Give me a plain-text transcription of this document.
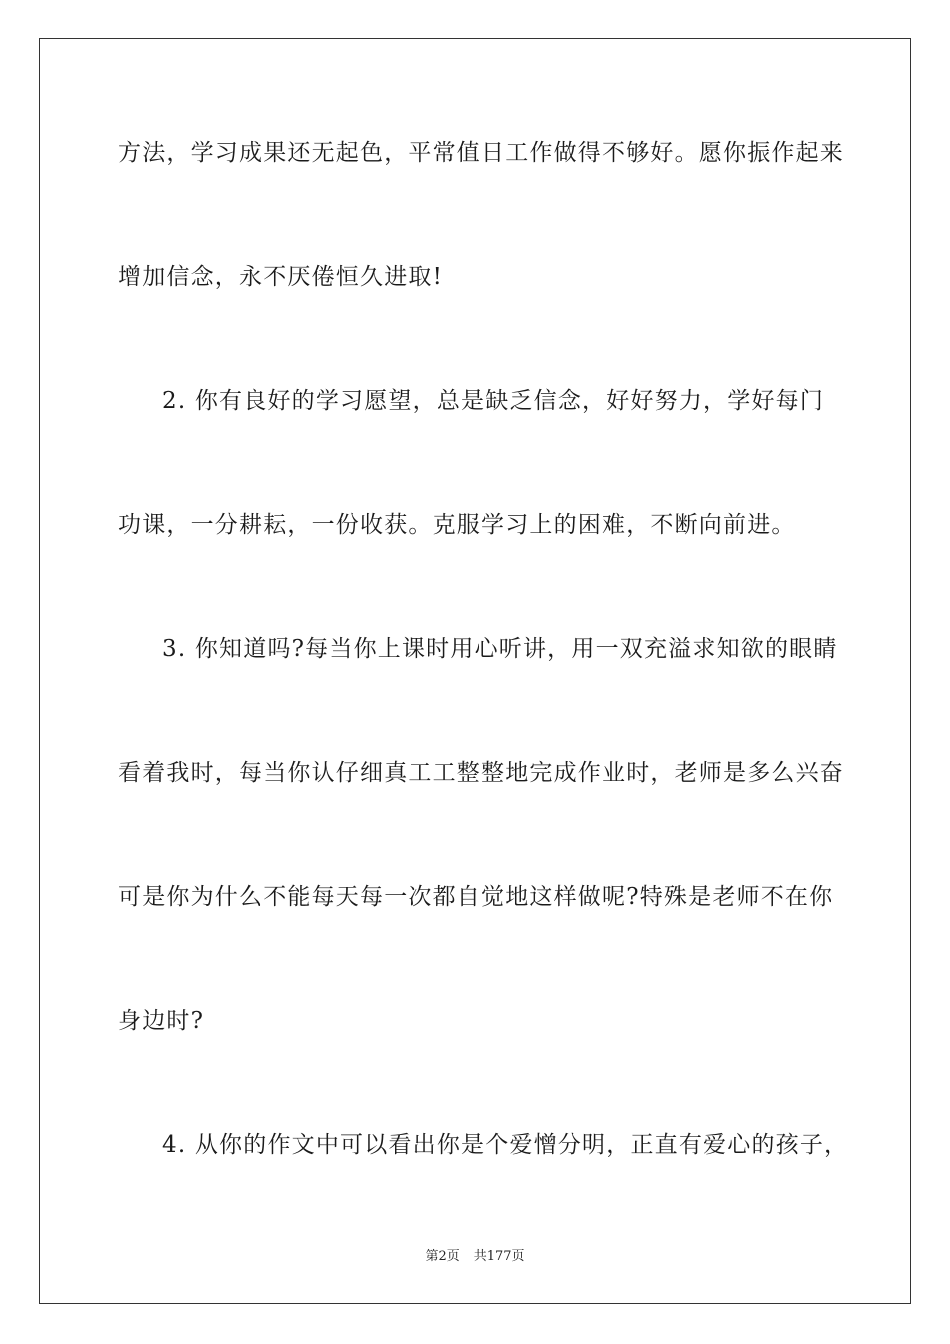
方法，学习成果还无起色，平常值日工作做得不够好。愿你振作起来
增加信念，永不厌倦恒久进取!
2. 你有良好的学习愿望，总是缺乏信念，好好努力，学好每门
功课，一分耕耘，一份收获。克服学习上的困难，不断向前进。
3. 你知道吗?每当你上课时用心听讲，用一双充溢求知欲的眼睛
看着我时，每当你认仔细真工工整整地完成作业时，老师是多么兴奋
可是你为什么不能每天每一次都自觉地这样做呢?特殊是老师不在你
身边时?
4. 从你的作文中可以看出你是个爱憎分明，正直有爱心的孩子，
第2页 共177页
